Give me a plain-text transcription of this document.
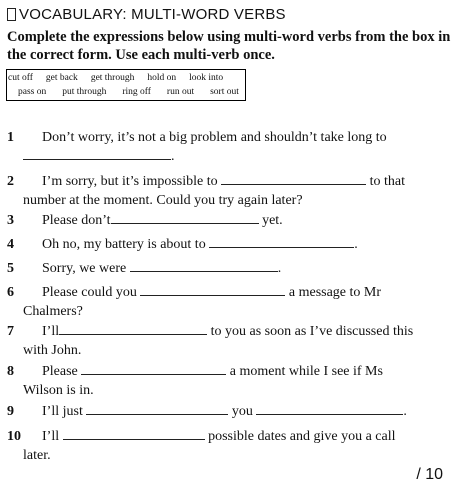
VOCABULARY: MULTI-WORD VERBS
Complete the expressions below using multi-word verbs from the box in the correct form. Use each multi-verb once.
cut off get back get through hold on look into
pass on put through ring off run out sort out
1 Don’t worry, it’s not a big problem and shouldn’t take long to
.
2 I’m sorry, but it’s impossible to	to that
number at the moment. Could you try again later?
3 Please don’t	yet.
4 Oh no, my battery is about to	.
5 Sorry, we were	.
6 Please could you	a message to Mr
Chalmers?
7 I’ll	to you as soon as I’ve discussed this
with John.
8 Please	a moment while I see if Ms
Wilson is in.
9 I’ll just	you	.
10 I’ll	possible dates and give you a call
later.
/ 10
